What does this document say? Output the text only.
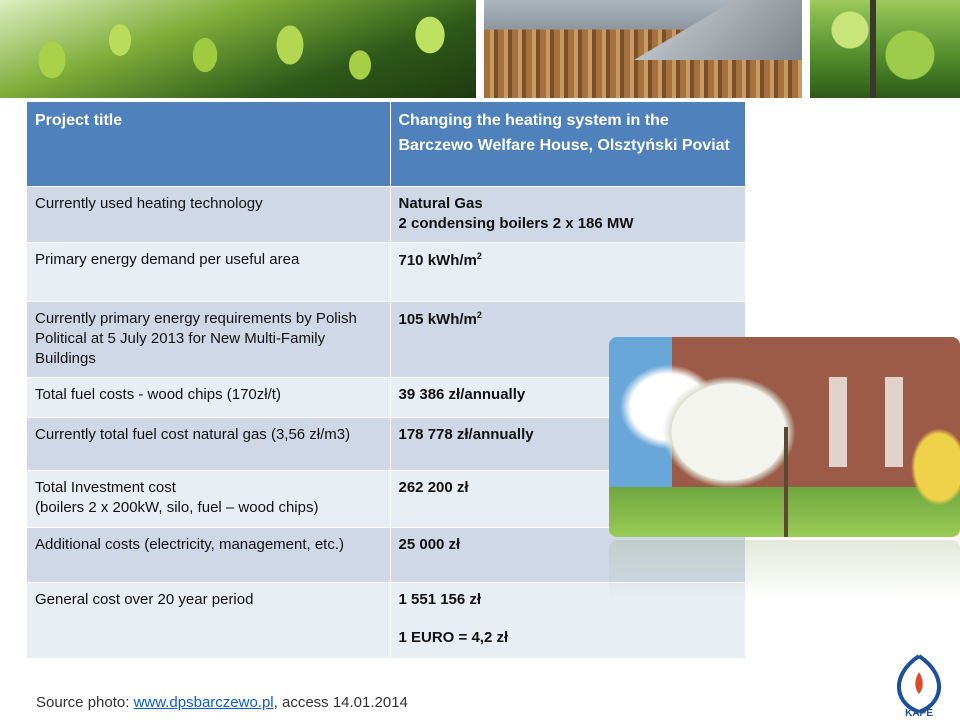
Project title	Changing the heating system in the Barczewo Welfare House, Olsztyński Poviat
Currently used heating technology	Natural Gas
2 condensing boilers 2 x 186 MW

Primary energy demand per useful area	710 kWh/$m^2$
Currently primary energy requirements by Polish Political at 5 July 2013 for New Multi-Family Buildings	105 kWh/$m^2$
Total fuel costs - wood chips (170zł/t)	39 386 zł/annually
Currently total fuel cost natural gas (3,56 zł/m3)	178 778 zł/annually

Total Investment cost
(boilers 2 x 200kW, silo, fuel – wood chips)	262 200 zł
Additional costs (electricity, management, etc.)	25 000 zł
General cost over 20 year period	1 551 156 zł
1 EURO = 4,2 zł
Source photo: www.dpsbarczewo.pl, access 14.01.2014
KAPE
